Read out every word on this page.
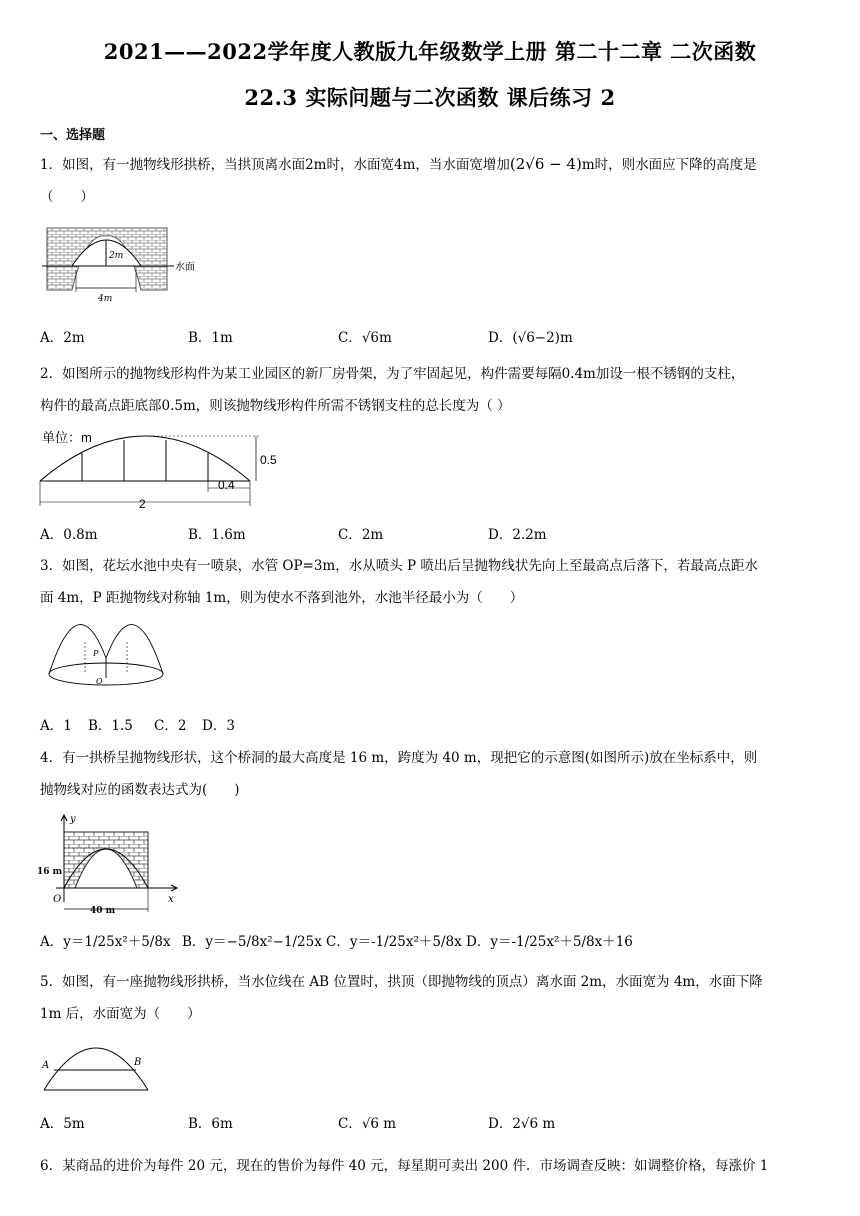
2021——2022学年度人教版九年级数学上册 第二十二章 二次函数
22.3 实际问题与二次函数 课后练习 2
一、选择题
1．如图，有一抛物线形拱桥，当拱顶离水面2m时，水面宽4m，当水面宽增加(2√6 − 4)m时，则水面应下降的高度是
（　　）
2m
4m
水面
A．2m	B．1m	C．√6m	D．(√6−2)m
2．如图所示的抛物线形构件为某工业园区的新厂房骨架，为了牢固起见，构件需要每隔0.4m加设一根不锈钢的支柱，
构件的最高点距底部0.5m，则该抛物线形构件所需不锈钢支柱的总长度为（ ）
单位：m
0.5
0.4
2
A．0.8m	B．1.6m	C．2m	D．2.2m
3．如图，花坛水池中央有一喷泉，水管 OP=3m，水从喷头 P 喷出后呈抛物线状先向上至最高点后落下，若最高点距水
面 4m，P 距抛物线对称轴 1m，则为使水不落到池外，水池半径最小为（　　）
P
O
A．1 B．1.5 C．2 D．3
4．有一拱桥呈抛物线形状，这个桥洞的最大高度是 16 m，跨度为 40 m，现把它的示意图(如图所示)放在坐标系中，则
抛物线对应的函数表达式为(　　)
y
x
O
16 m
40 m
A．y＝1/25x²＋5/8x B．y＝−5/8x²−1/25x C．y＝-1/25x²＋5/8x D．y＝-1/25x²＋5/8x＋16
5．如图，有一座抛物线形拱桥，当水位线在 AB 位置时，拱顶（即抛物线的顶点）离水面 2m，水面宽为 4m，水面下降
1m 后，水面宽为（　　）
A	B
A．5m	B．6m	C．√6 m	D．2√6 m
6．某商品的进价为每件 20 元，现在的售价为每件 40 元，每星期可卖出 200 件．市场调查反映：如调整价格，每涨价 1
